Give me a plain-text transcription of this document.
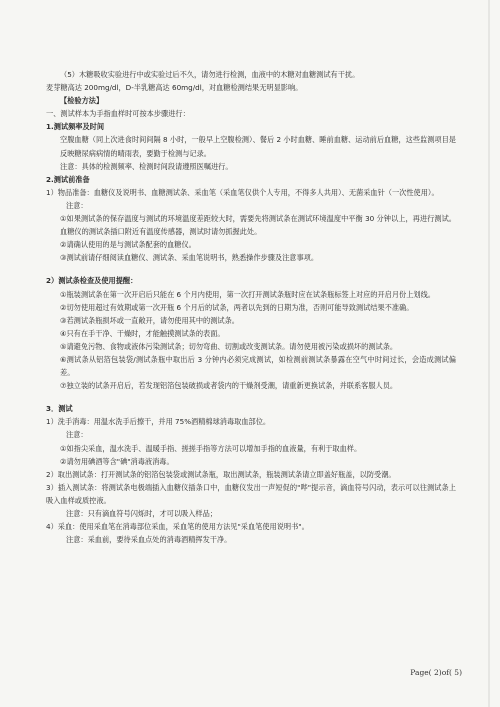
（5）木糖吸收实验进行中或实验过后不久，请勿进行检测，血液中的木糖对血糖测试有干扰。

麦芽糖高达 200mg/dl，D-半乳糖高达 60mg/dl，对血糖检测结果无明显影响。

【检验方法】

一、测试样本为手指血样时可按本步骤进行：

1.测试频率及时间

空腹血糖（同上次进食时间间隔 8 小时，一般早上空腹检测）、餐后 2 小时血糖、睡前血糖、运动前后血糖，这些监测项目是反映糖尿病病情的晴雨表，要勤于检测与记录。

注意：具体的检测频率、检测时间段请遵照医嘱进行。

2.测试前准备

1）物品准备：血糖仪及说明书、血糖测试条、采血笔（采血笔仅供个人专用，不得多人共用）、无菌采血针（一次性使用）。

注意：

①如果测试条的保存温度与测试的环境温度差距较大时，需要先将测试条在测试环境温度中平衡 30 分钟以上，再进行测试。血糖仪的测试条插口附近有温度传感器，测试时请勿抓握此处。

②请确认使用的是与测试条配套的血糖仪。

③测试前请仔细阅读血糖仪、测试条、采血笔说明书，熟悉操作步骤及注意事项。

2）测试条检查及使用提醒：

①瓶装测试条在第一次开启后只能在 6 个月内使用，第一次打开测试条瓶时应在试条瓶标签上对应的开启月份上划线。

②切勿使用超过有效期或第一次开瓶 6 个月后的试条，两者以先到的日期为准，否则可能导致测试结果不准确。

③若测试条瓶损坏或一直敞开，请勿使用其中的测试条。

④只有在手干净、干燥时，才能触摸测试条的表面。

⑤请避免污物、食物或液体污染测试条；切勿弯曲、切割或改变测试条。请勿使用被污染或损坏的测试条。

⑥测试条从铝箔包装袋/测试条瓶中取出后 3 分钟内必须完成测试，如检测前测试条暴露在空气中时间过长，会造成测试偏差。

⑦独立装的试条开启后，若发现铝箔包装破损或者袋内的干燥剂受潮，请重新更换试条，并联系客服人员。

3．测试

1）洗手消毒：用温水洗手后擦干，并用 75%酒精棉球消毒取血部位。

注意：

①如指尖采血，温水洗手、温暖手指、搓搓手指等方法可以增加手指的血液量，有利于取血样。

②请勿用碘酒等含"碘"消毒液消毒。

2）取出测试条：打开测试条的铝箔包装袋或测试条瓶，取出测试条，瓶装测试条请立即盖好瓶盖，以防受潮。

3）插入测试条：将测试条电极端插入血糖仪插条口中，血糖仪发出一声短促的"哔"提示音，滴血符号闪动，表示可以往测试条上吸入血样或质控液。

注意：只有滴血符号闪烁时，才可以吸入样品；

4）采血：使用采血笔在消毒部位采血，采血笔的使用方法见"采血笔使用说明书"。

注意：采血前，要待采血点处的消毒酒精挥发干净。

Page( 2)of( 5)
